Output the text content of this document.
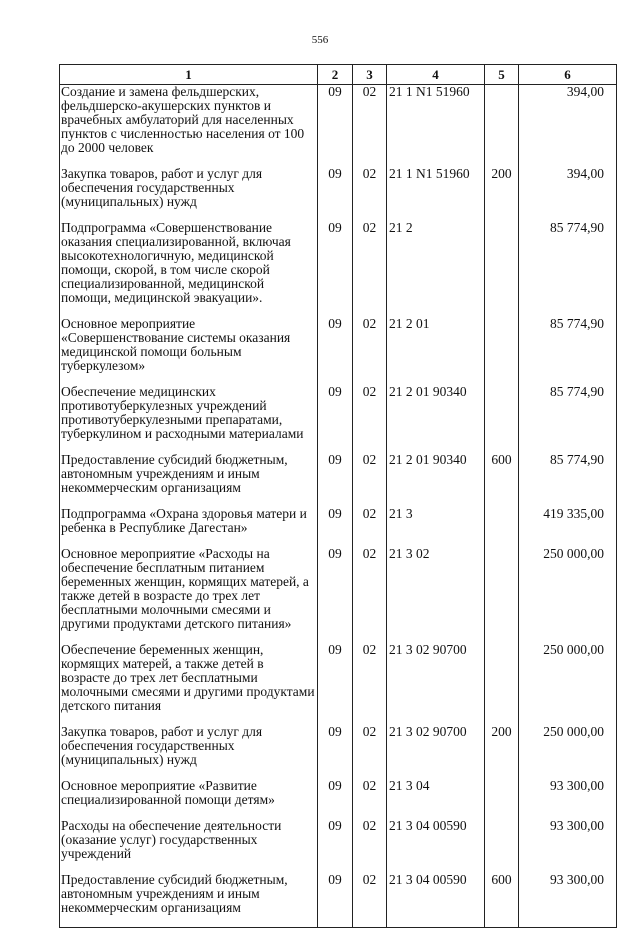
556
1	2	3	4	5	6
Создание и замена фельдшерских, фельдшерско-акушерских пунктов и врачебных амбулаторий для населенных пунктов с численностью населения от 100 до 2000 человек	09	02	21 1 N1 51960		394,00
Закупка товаров, работ и услуг для обеспечения государственных (муниципальных) нужд	09	02	21 1 N1 51960	200	394,00
Подпрограмма «Совершенствование оказания специализированной, включая высокотехнологичную, медицинской помощи, скорой, в том числе скорой специализированной, медицинской помощи, медицинской эвакуации».	09	02	21 2		85 774,90
Основное мероприятие «Совершенствование системы оказания медицинской помощи больным туберкулезом»	09	02	21 2 01		85 774,90
Обеспечение медицинских противотуберкулезных учреждений противотуберкулезными препаратами, туберкулином и расходными материалами	09	02	21 2 01 90340		85 774,90
Предоставление субсидий бюджетным, автономным учреждениям и иным некоммерческим организациям	09	02	21 2 01 90340	600	85 774,90
Подпрограмма «Охрана здоровья матери и ребенка в Республике Дагестан»	09	02	21 3		419 335,00
Основное мероприятие «Расходы на обеспечение бесплатным питанием беременных женщин, кормящих матерей, а также детей в возрасте до трех лет бесплатными молочными смесями и другими продуктами детского питания»	09	02	21 3 02		250 000,00
Обеспечение беременных женщин, кормящих матерей, а также детей в возрасте до трех лет бесплатными молочными смесями и другими продуктами детского питания	09	02	21 3 02 90700		250 000,00
Закупка товаров, работ и услуг для обеспечения государственных (муниципальных) нужд	09	02	21 3 02 90700	200	250 000,00
Основное мероприятие «Развитие специализированной помощи детям»	09	02	21 3 04		93 300,00
Расходы на обеспечение деятельности (оказание услуг) государственных учреждений	09	02	21 3 04 00590		93 300,00
Предоставление субсидий бюджетным, автономным учреждениям и иным некоммерческим организациям	09	02	21 3 04 00590	600	93 300,00
